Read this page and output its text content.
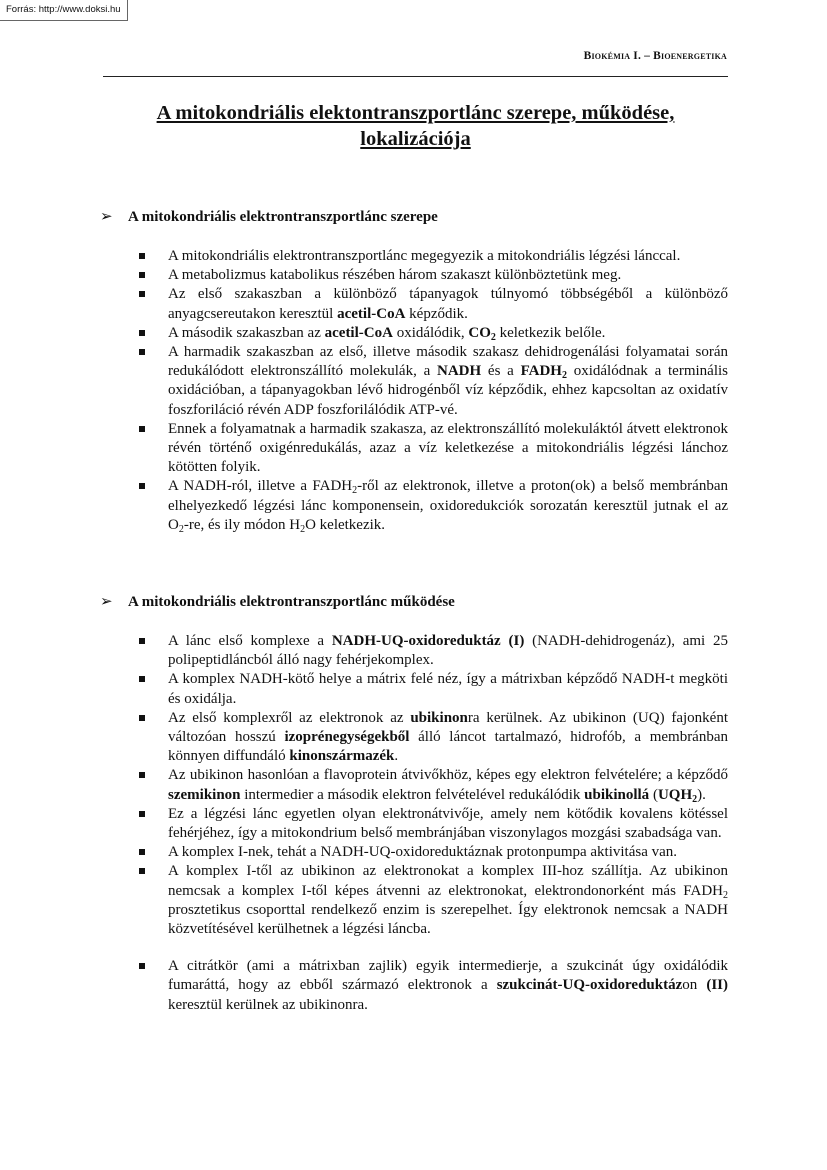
Forrás: http://www.doksi.hu
Biokémia I. – Bioenergetika
A mitokondriális elektontranszportlánc szerepe, működése,
lokalizációja
➢	A mitokondriális elektrontranszportlánc szerepe
A mitokondriális elektrontranszportlánc megegyezik a mitokondriális légzési lánccal.
A metabolizmus katabolikus részében három szakaszt különböztetünk meg.
Az első szakaszban a különböző tápanyagok túlnyomó többségéből a különböző anyagcsereutakon keresztül acetil-CoA képződik.
A második szakaszban az acetil-CoA oxidálódik, $CO_2$ keletkezik belőle.
A harmadik szakaszban az első, illetve második szakasz dehidrogenálási folyamatai során redukálódott elektronszállító molekulák, a NADH és a $FADH_2$ oxidálódnak a terminális oxidációban, a tápanyagokban lévő hidrogénből víz képződik, ehhez kapcsoltan az oxidatív foszforiláció révén ADP foszforilálódik ATP-vé.
Ennek a folyamatnak a harmadik szakasza, az elektronszállító molekuláktól átvett elektronok révén történő oxigénredukálás, azaz a víz keletkezése a mitokondriális légzési lánchoz kötötten folyik.
A NADH-ról, illetve a $FADH_2$-ről az elektronok, illetve a proton(ok) a belső membránban elhelyezkedő légzési lánc komponensein, oxidoredukciók sorozatán keresztül jutnak el az $O_2-re$, és ily módon $H_2O$ keletkezik.
➢	A mitokondriális elektrontranszportlánc működése
A lánc első komplexe a NADH-UQ-oxidoreduktáz (I) (NADH-dehidrogenáz), ami 25 polipeptidláncból álló nagy fehérjekomplex.
A komplex NADH-kötő helye a mátrix felé néz, így a mátrixban képződő NADH-t megköti és oxidálja.
Az első komplexről az elektronok az ubikinonra kerülnek. Az ubikinon (UQ) fajonként változóan hosszú izoprénegységekből álló láncot tartalmazó, hidrofób, a membránban könnyen diffundáló kinonszármazék.
Az ubikinon hasonlóan a flavoprotein átvivőkhöz, képes egy elektron felvételére; a képződő szemikinon intermedier a második elektron felvételével redukálódik ubikinollá $(UQH_2)$.
Ez a légzési lánc egyetlen olyan elektronátvivője, amely nem kötődik kovalens kötéssel fehérjéhez, így a mitokondrium belső membránjában viszonylagos mozgási szabadsága van.
A komplex I-nek, tehát a NADH-UQ-oxidoreduktáznak protonpumpa aktivitása van.
A komplex I-től az ubikinon az elektronokat a komplex III-hoz szállítja. Az ubikinon nemcsak a komplex I-től képes átvenni az elektronokat, elektrondonorként más $FADH_2$ prosztetikus csoporttal rendelkező enzim is szerepelhet. Így elektronok nemcsak a NADH közvetítésével kerülhetnek a légzési láncba.
A citrátkör (ami a mátrixban zajlik) egyik intermedierje, a szukcinát úgy oxidálódik fumaráttá, hogy az ebből származó elektronok a szukcinát-UQ-oxidoreduktázon (II) keresztül kerülnek az ubikinonra.
